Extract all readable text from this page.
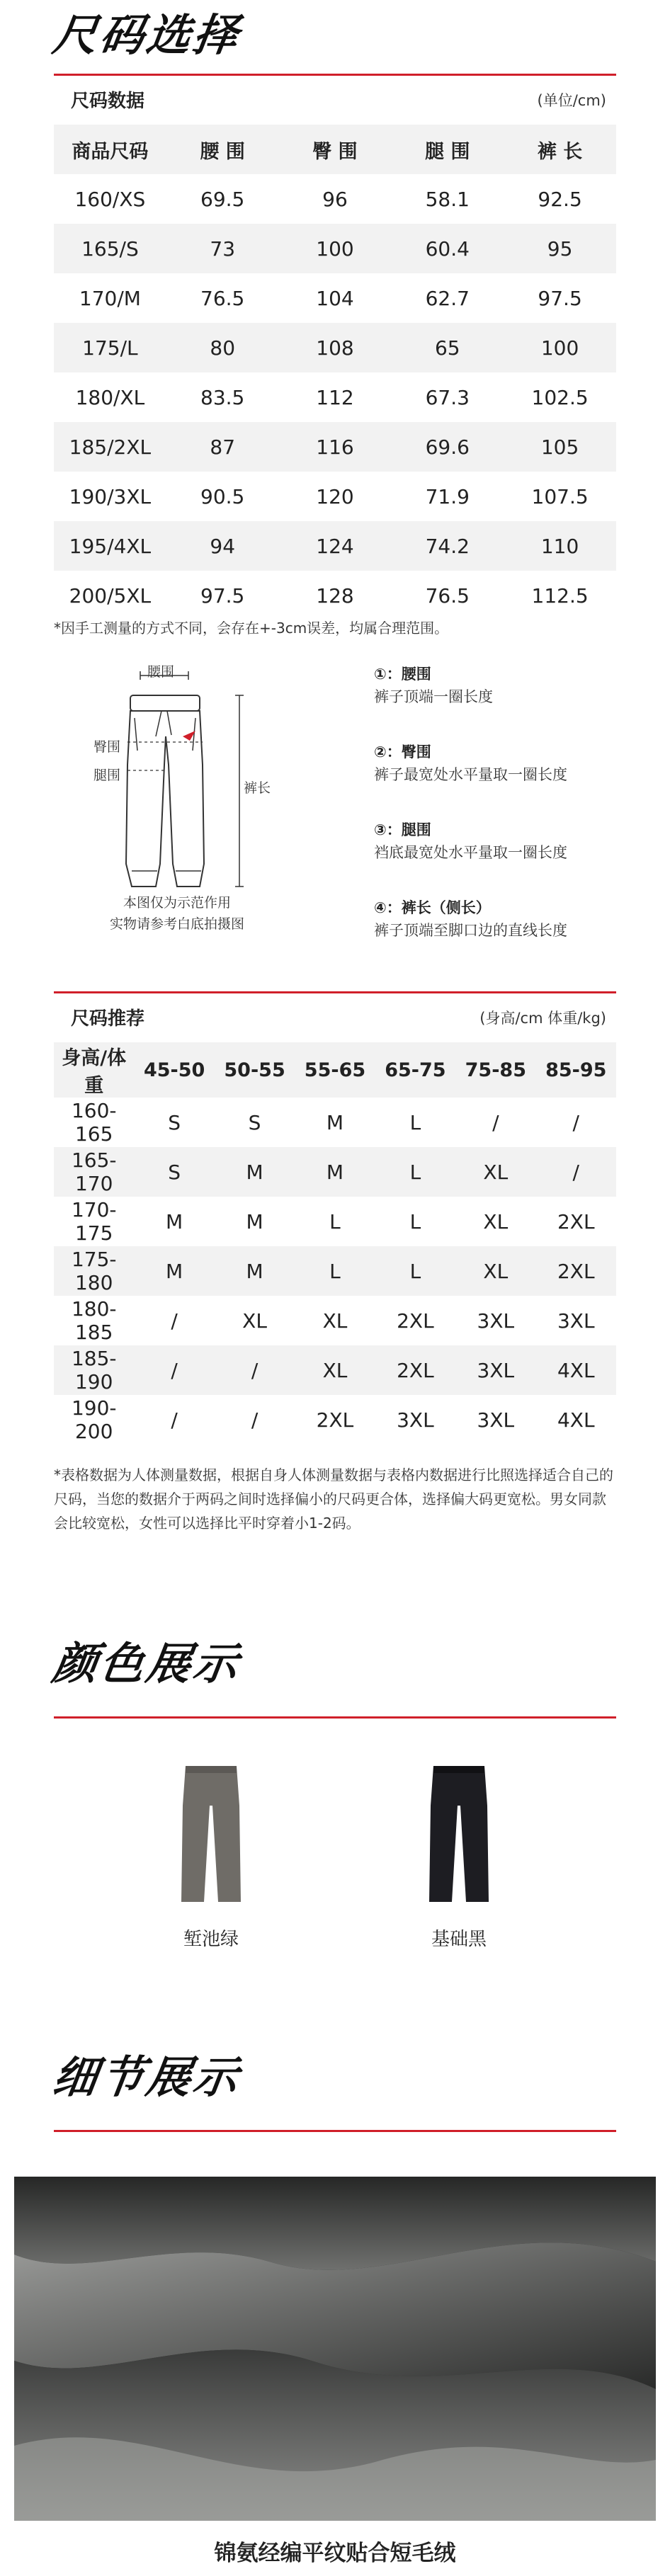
尺码选择
尺码数据	(单位/cm)
商品尺码	腰 围	臀 围	腿 围	裤 长
160/XS	69.5	96	58.1	92.5
165/S	73	100	60.4	95
170/M	76.5	104	62.7	97.5
175/L	80	108	65	100
180/XL	83.5	112	67.3	102.5
185/2XL	87	116	69.6	105
190/3XL	90.5	120	71.9	107.5
195/4XL	94	124	74.2	110
200/5XL	97.5	128	76.5	112.5
*因手工测量的方式不同，会存在+-3cm误差，均属合理范围。
腰围
臀围
腿围
裤长
本图仅为示范作用
实物请参考白底拍摄图
①：腰围
裤子顶端一圈长度
②：臀围
裤子最宽处水平量取一圈长度
③：腿围
裆底最宽处水平量取一圈长度
④：裤长（侧长）
裤子顶端至脚口边的直线长度
尺码推荐	(身高/cm 体重/kg)
身高/体重	45-50	50-55	55-65	65-75	75-85	85-95
160-165	S	S	M	L	/	/
165-170	S	M	M	L	XL	/
170-175	M	M	L	L	XL	2XL
175-180	M	M	L	L	XL	2XL
180-185	/	XL	XL	2XL	3XL	3XL
185-190	/	/	XL	2XL	3XL	4XL
190-200	/	/	2XL	3XL	3XL	4XL
*表格数据为人体测量数据，根据自身人体测量数据与表格内数据进行比照选择适合自己的尺码，当您的数据介于两码之间时选择偏小的尺码更合体，选择偏大码更宽松。男女同款会比较宽松，女性可以选择比平时穿着小1-2码。
颜色展示
堑池绿	基础黑
细节展示
锦氨经编平纹贴合短毛绒
